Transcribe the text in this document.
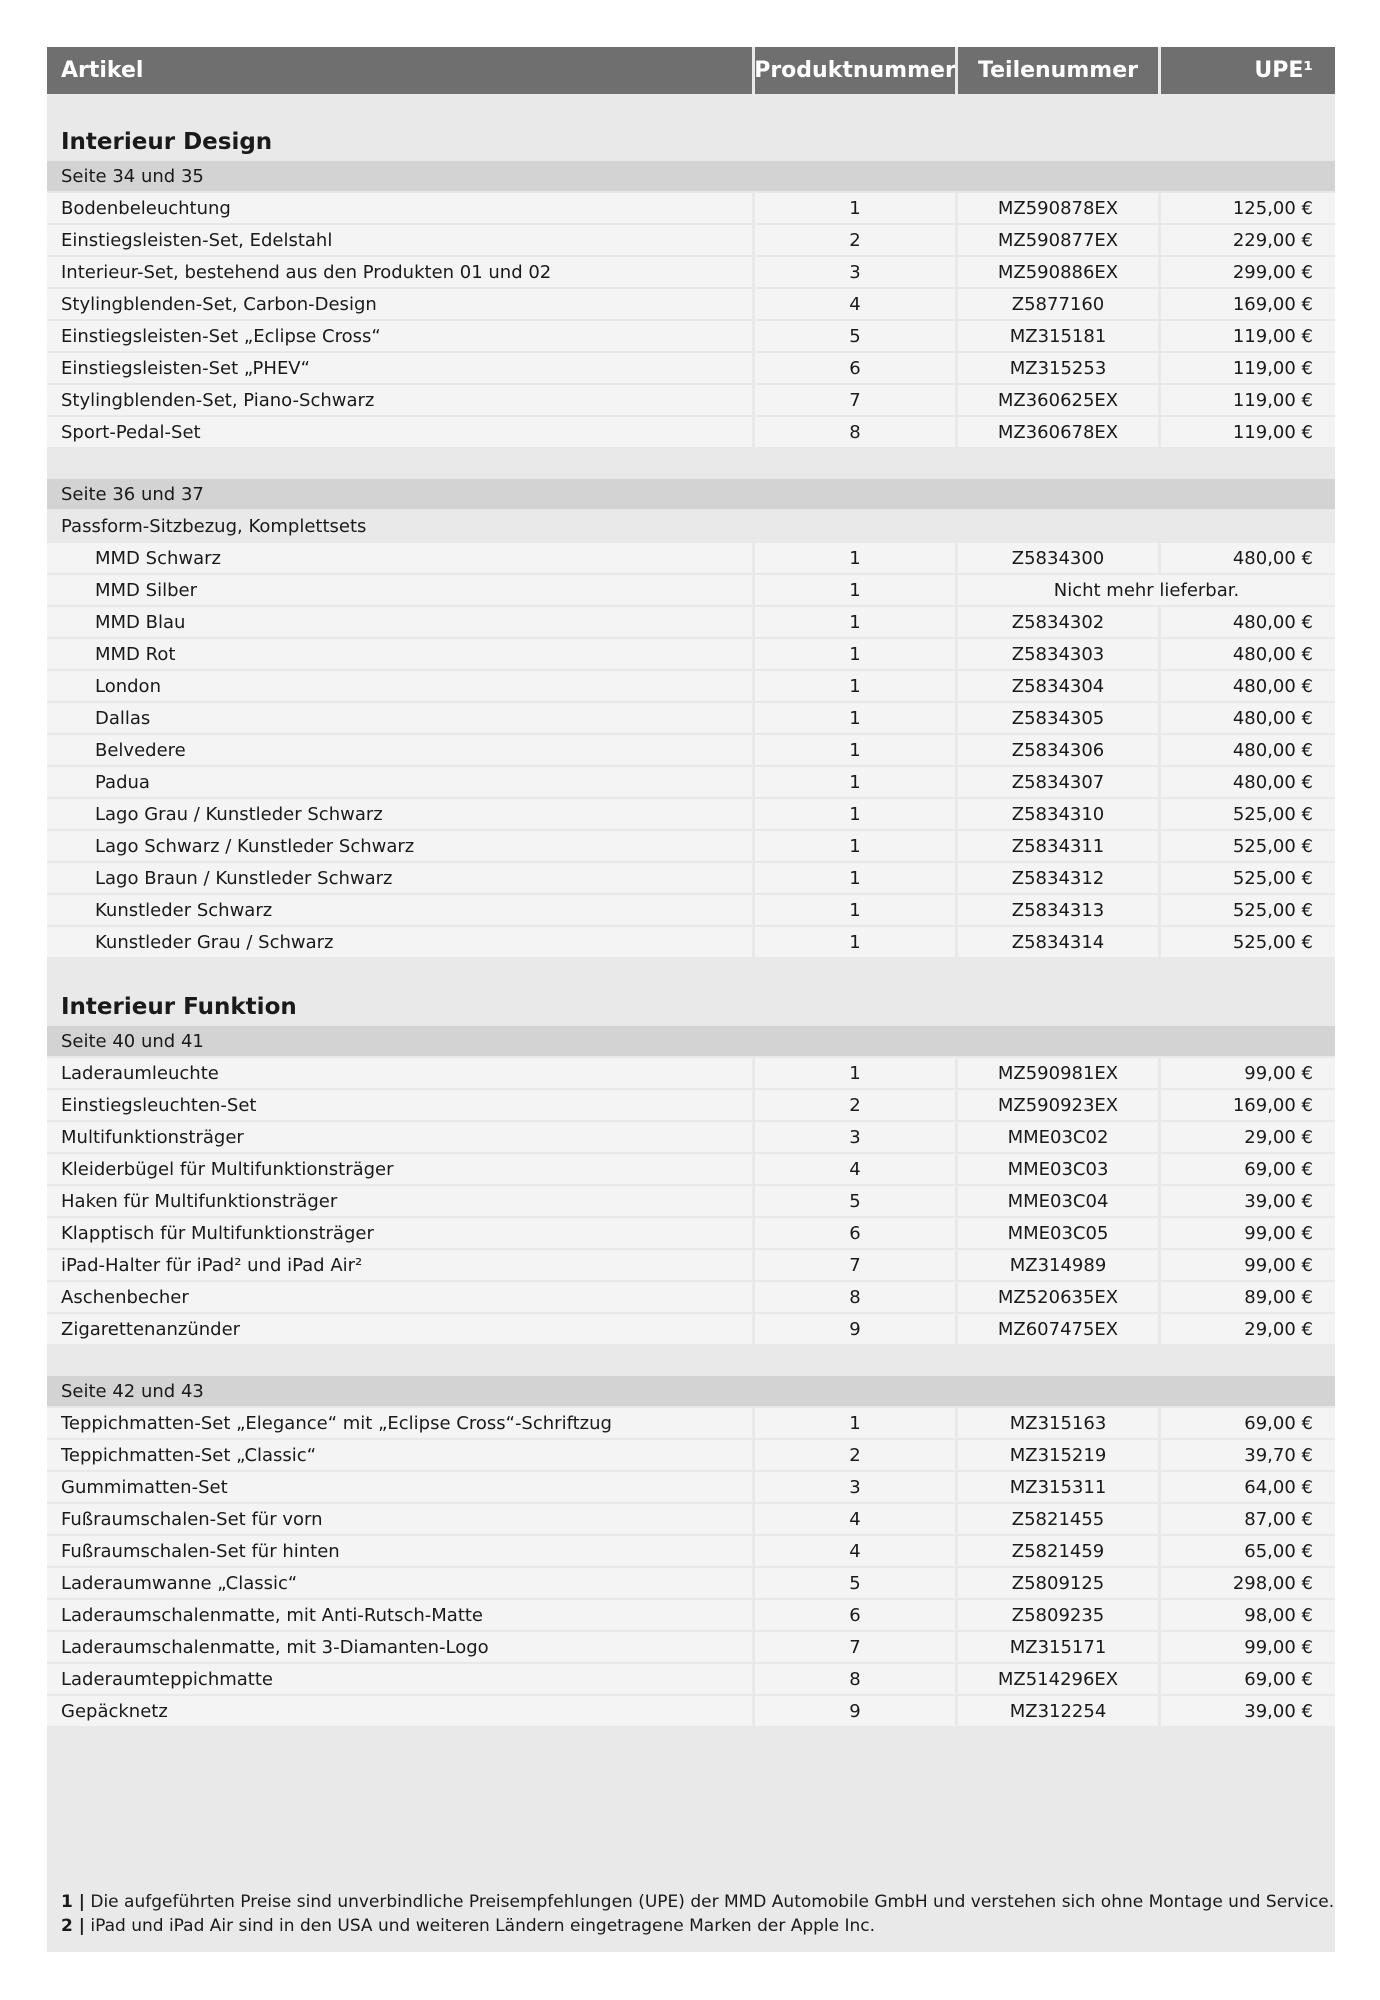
Artikel	Produktnummer	Teilenummer	UPE¹
Interieur Design
Seite 34 und 35
Bodenbeleuchtung	1	MZ590878EX	125,00 €
Einstiegsleisten-Set, Edelstahl	2	MZ590877EX	229,00 €
Interieur-Set, bestehend aus den Produkten 01 und 02	3	MZ590886EX	299,00 €
Stylingblenden-Set, Carbon-Design	4	Z5877160	169,00 €
Einstiegsleisten-Set „Eclipse Cross“	5	MZ315181	119,00 €
Einstiegsleisten-Set „PHEV“	6	MZ315253	119,00 €
Stylingblenden-Set, Piano-Schwarz	7	MZ360625EX	119,00 €
Sport-Pedal-Set	8	MZ360678EX	119,00 €
Seite 36 und 37
Passform-Sitzbezug, Komplettsets
MMD Schwarz	1	Z5834300	480,00 €
MMD Silber	1	Nicht mehr lieferbar.
MMD Blau	1	Z5834302	480,00 €
MMD Rot	1	Z5834303	480,00 €
London	1	Z5834304	480,00 €
Dallas	1	Z5834305	480,00 €
Belvedere	1	Z5834306	480,00 €
Padua	1	Z5834307	480,00 €
Lago Grau / Kunstleder Schwarz	1	Z5834310	525,00 €
Lago Schwarz / Kunstleder Schwarz	1	Z5834311	525,00 €
Lago Braun / Kunstleder Schwarz	1	Z5834312	525,00 €
Kunstleder Schwarz	1	Z5834313	525,00 €
Kunstleder Grau / Schwarz	1	Z5834314	525,00 €
Interieur Funktion
Seite 40 und 41
Laderaumleuchte	1	MZ590981EX	99,00 €
Einstiegsleuchten-Set	2	MZ590923EX	169,00 €
Multifunktionsträger	3	MME03C02	29,00 €
Kleiderbügel für Multifunktionsträger	4	MME03C03	69,00 €
Haken für Multifunktionsträger	5	MME03C04	39,00 €
Klapptisch für Multifunktionsträger	6	MME03C05	99,00 €
iPad-Halter für iPad² und iPad Air²	7	MZ314989	99,00 €
Aschenbecher	8	MZ520635EX	89,00 €
Zigarettenanzünder	9	MZ607475EX	29,00 €
Seite 42 und 43
Teppichmatten-Set „Elegance“ mit „Eclipse Cross“-Schriftzug	1	MZ315163	69,00 €
Teppichmatten-Set „Classic“	2	MZ315219	39,70 €
Gummimatten-Set	3	MZ315311	64,00 €
Fußraumschalen-Set für vorn	4	Z5821455	87,00 €
Fußraumschalen-Set für hinten	4	Z5821459	65,00 €
Laderaumwanne „Classic“	5	Z5809125	298,00 €
Laderaumschalenmatte, mit Anti-Rutsch-Matte	6	Z5809235	98,00 €
Laderaumschalenmatte, mit 3-Diamanten-Logo	7	MZ315171	99,00 €
Laderaumteppichmatte	8	MZ514296EX	69,00 €
Gepäcknetz	9	MZ312254	39,00 €
1 | Die aufgeführten Preise sind unverbindliche Preisempfehlungen (UPE) der MMD Automobile GmbH und verstehen sich ohne Montage und Service.
2 | iPad und iPad Air sind in den USA und weiteren Ländern eingetragene Marken der Apple Inc.
